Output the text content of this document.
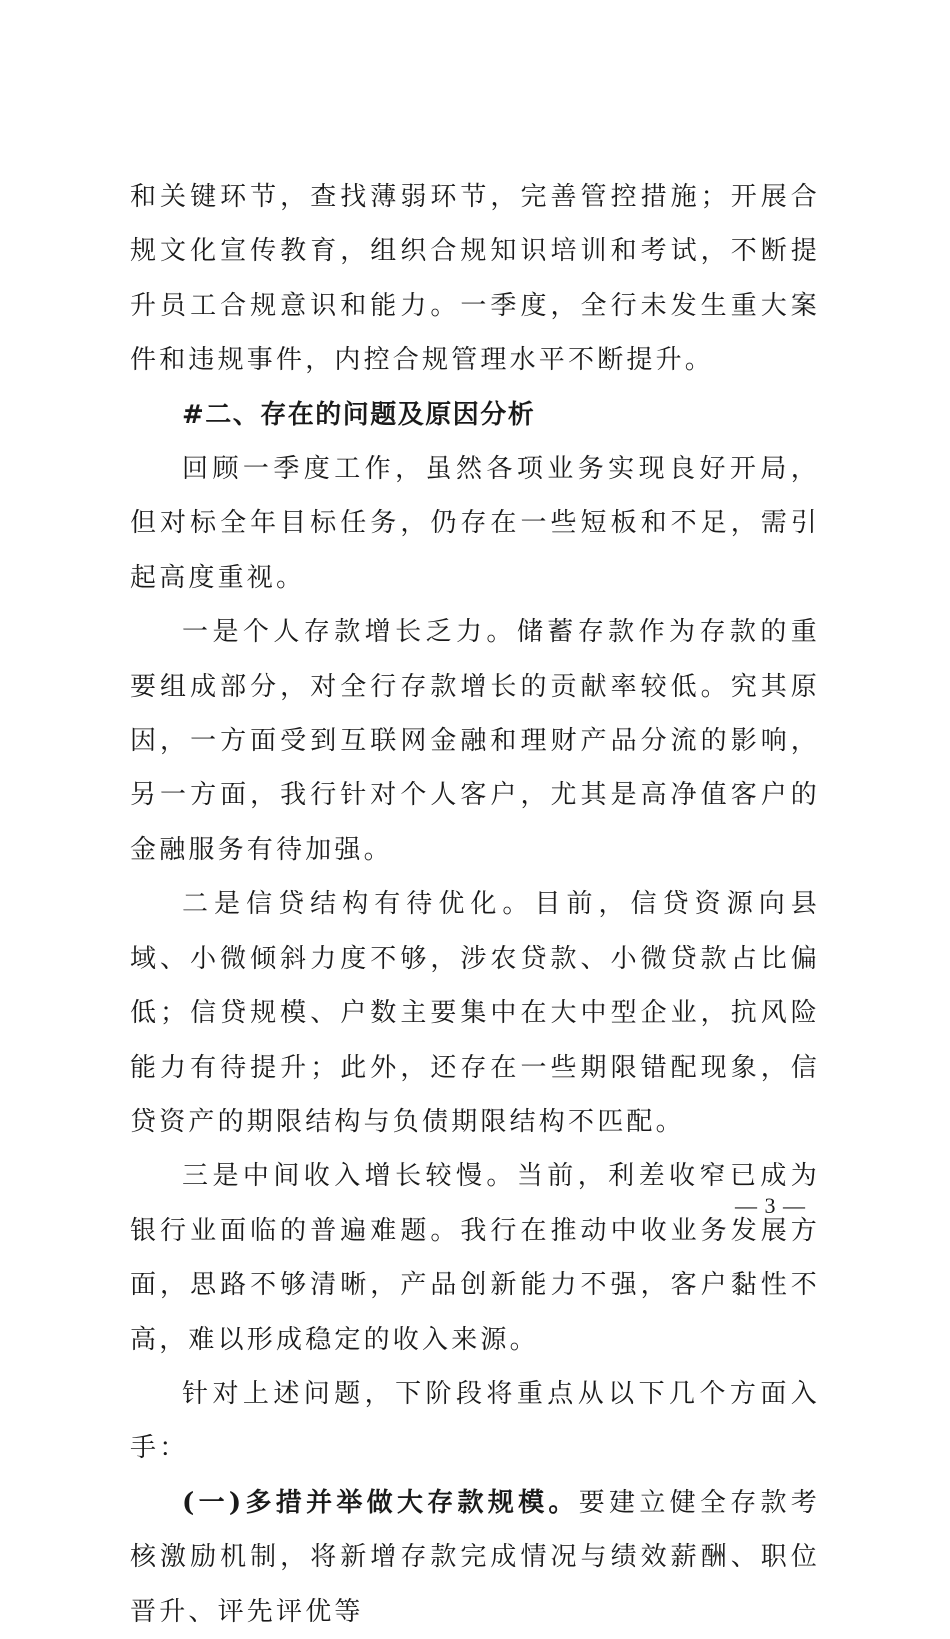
和关键环节，查找薄弱环节，完善管控措施；开展合规文化宣传教育，组织合规知识培训和考试，不断提升员工合规意识和能力。一季度，全行未发生重大案件和违规事件，内控合规管理水平不断提升。

#二、存在的问题及原因分析

回顾一季度工作，虽然各项业务实现良好开局，但对标全年目标任务，仍存在一些短板和不足，需引起高度重视。

一是个人存款增长乏力。储蓄存款作为存款的重要组成部分，对全行存款增长的贡献率较低。究其原因，一方面受到互联网金融和理财产品分流的影响，另一方面，我行针对个人客户，尤其是高净值客户的金融服务有待加强。

二是信贷结构有待优化。目前，信贷资源向县域、小微倾斜力度不够，涉农贷款、小微贷款占比偏低；信贷规模、户数主要集中在大中型企业，抗风险能力有待提升；此外，还存在一些期限错配现象，信贷资产的期限结构与负债期限结构不匹配。

三是中间收入增长较慢。当前，利差收窄已成为银行业面临的普遍难题。我行在推动中收业务发展方面，思路不够清晰，产品创新能力不强，客户黏性不高，难以形成稳定的收入来源。

针对上述问题，下阶段将重点从以下几个方面入手：

(一)多措并举做大存款规模。要建立健全存款考核激励机制，将新增存款完成情况与绩效薪酬、职位晋升、评先评优等

— 3 —
